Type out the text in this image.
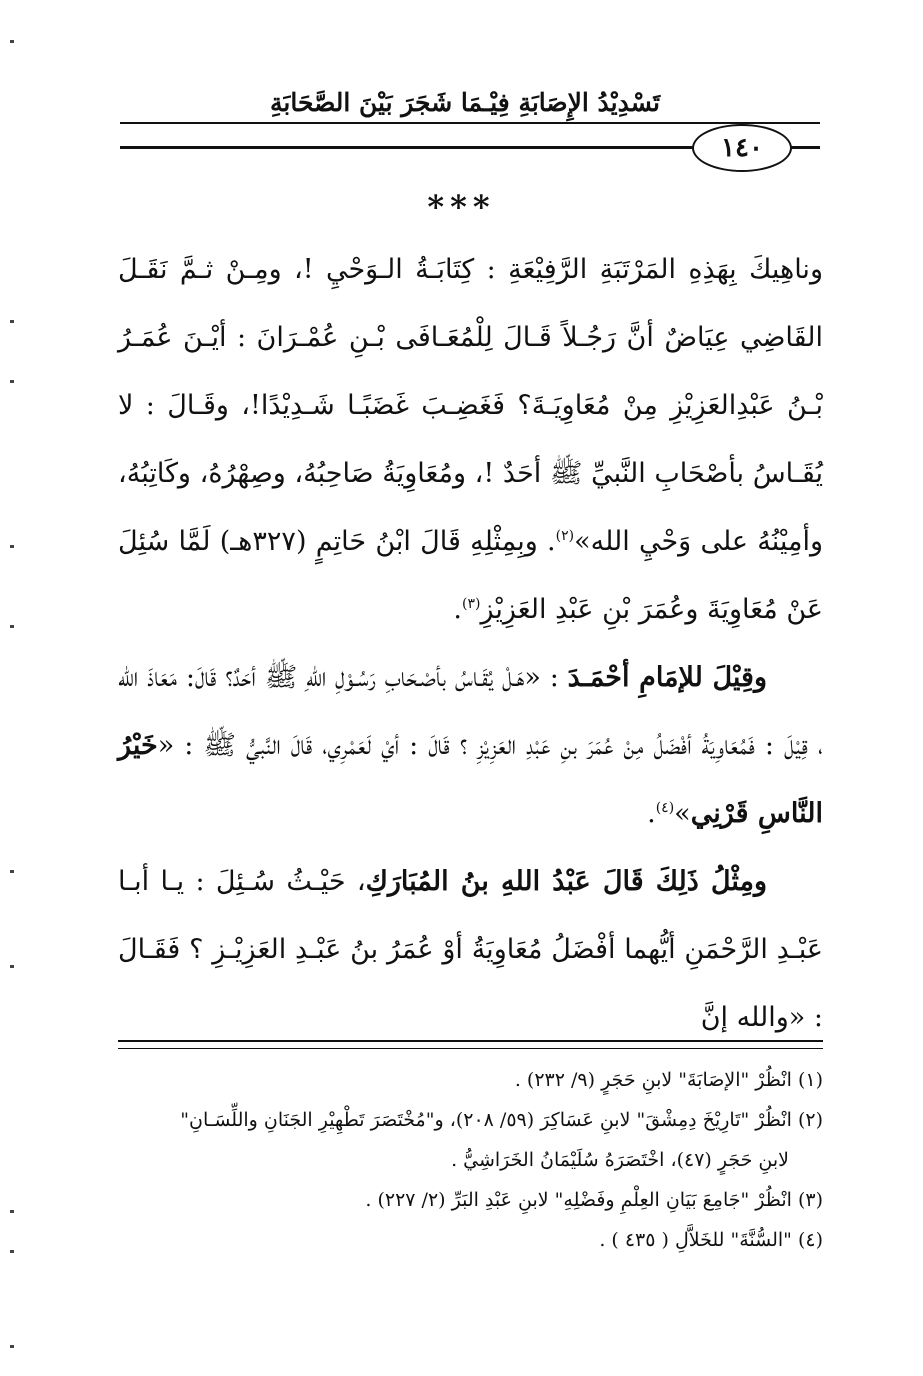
تَسْدِيْدُ الإِصَابَةِ فِيْـمَا شَجَرَ بَيْنَ الصَّحَابَةِ
١٤٠
***

وناهِيكَ بِهَذِهِ المَرْتَبَةِ الرَّفِيْعَةِ : كِتَابَـةُ الـوَحْيِ !، ومِـنْ ثـمَّ نَقَـلَ القَاضِي عِيَاضٌ أنَّ رَجُـلاً قَـالَ لِلْمُعَـافَى بْـنِ عُمْـرَانَ : أيْـنَ عُمَـرُ بْـنُ عَبْدِالعَزِيْزِ مِنْ مُعَاوِيَـةَ؟ فَغَضِـبَ غَضَبًـا شَـدِيْدًا!، وقَـالَ : لا يُقَـاسُ بأصْحَابِ النَّبيِّ ﷺ أحَدٌ !، ومُعَاوِيَةُ صَاحِبُهُ، وصِهْرُهُ، وكَاتِبُهُ، وأمِيْنُهُ على وَحْيِ الله»$^{(٢)}$. وبِمِثْلِهِ قَالَ ابْنُ حَاتِمٍ (٣٢٧هـ) لَمَّا سُئِلَ عَنْ مُعَاوِيَةَ وعُمَرَ بْنِ عَبْدِ العَزِيْزِ$^{(٣)}$.

وقِيْلَ للإمَامِ أحْمَـدَ : «هَـلْ يُقَـاسُ بأصْـحَابِ رَسُـوْلِ اللهِ ﷺ أحَدٌ؟ قَالَ: مَعَاذَ الله ، قِيْلَ : فَمُعَاوِيَةُ أفْضَلُ مِنْ عُمَرَ بنِ عَبْدِ العَزِيْزِ ؟ قَالَ : أيْ لَعَمْرِي، قَالَ النَّبيُّ ﷺ : «خَيْرُ النَّاسِ قَرْنِي»$^{(٤)}$.

ومِثْلُ ذَلِكَ قَالَ عَبْدُ اللهِ بنُ المُبَارَكِ، حَيْـثُ سُـئِلَ : يـا أبـا عَبْـدِ الرَّحْمَنِ أيُّهما أفْضَلُ مُعَاوِيَةُ أوْ عُمَرُ بنُ عَبْـدِ العَزِيْـزِ ؟ فَقَـالَ : «والله إنَّ

(١) انْظُرْ "الإصَابَةَ" لابنِ حَجَرٍ (٩/ ٢٣٢) .
(٢) انْظُرْ "تَارِيْخَ دِمِشْقَ" لابنِ عَسَاكِرَ (٥٩/ ٢٠٨)، و"مُخْتَصَرَ تَطْهِيْرِ الجَنَانِ واللِّسَـانِ"
لابنِ حَجَرٍ (٤٧)، اخْتَصَرَهُ سُلَيْمَانُ الخَرَاشِيُّ .
(٣) انْظُرْ "جَامِعَ بَيَانِ العِلْمِ وفَضْلِهِ" لابنِ عَبْدِ البَرِّ (٢/ ٢٢٧) .
(٤) "السُّنَّةَ" للخَلاَّلِ ( ٤٣٥ ) .
